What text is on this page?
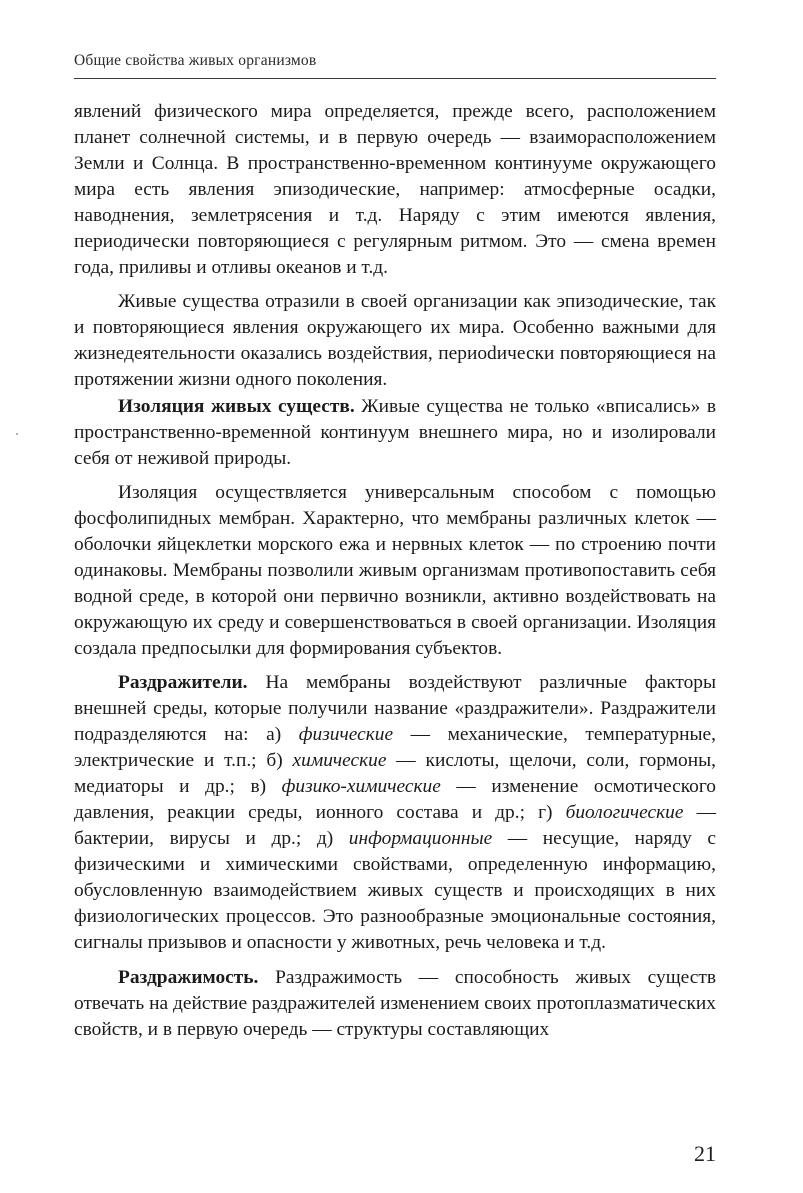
Общие свойства живых организмов

явлений физического мира определяется, прежде всего, расположением планет солнечной системы, и в первую очередь — взаиморасположением Земли и Солнца. В пространственно-временном континууме окружающего мира есть явления эпизодические, например: атмосферные осадки, наводнения, землетрясения и т.д. Наряду с этим имеются явления, периодически повторяющиеся с регулярным ритмом. Это — смена времен года, приливы и отливы океанов и т.д.

Живые существа отразили в своей организации как эпизодические, так и повторяющиеся явления окружающего их мира. Особенно важными для жизнедеятельности оказались воздействия, периоdически повторяющиеся на протяжении жизни одного поколения.

Изоляция живых существ. Живые существа не только «вписались» в пространственно-временной континуум внешнего мира, но и изолировали себя от неживой природы.

Изоляция осуществляется универсальным способом с помощью фосфолипидных мембран. Характерно, что мембраны различных клеток — оболочки яйцеклетки морского ежа и нервных клеток — по строению почти одинаковы. Мембраны позволили живым организмам противопоставить себя водной среде, в которой они первично возникли, активно воздействовать на окружающую их среду и совершенствоваться в своей организации. Изоляция создала предпосылки для формирования субъектов.

Раздражители. На мембраны воздействуют различные факторы внешней среды, которые получили название «раздражители». Раздражители подразделяются на: а) физические — механические, температурные, электрические и т.п.; б) химические — кислоты, щелочи, соли, гормоны, медиаторы и др.; в) физико-химические — изменение осмотического давления, реакции среды, ионного состава и др.; г) биологические — бактерии, вирусы и др.; д) информационные — несущие, наряду с физическими и химическими свойствами, определенную информацию, обусловленную взаимодействием живых существ и происходящих в них физиологических процессов. Это разнообразные эмоциональные состояния, сигналы призывов и опасности у животных, речь человека и т.д.

Раздражимость. Раздражимость — способность живых существ отвечать на действие раздражителей изменением своих протоплазматических свойств, и в первую очередь — структуры составляющих

21
